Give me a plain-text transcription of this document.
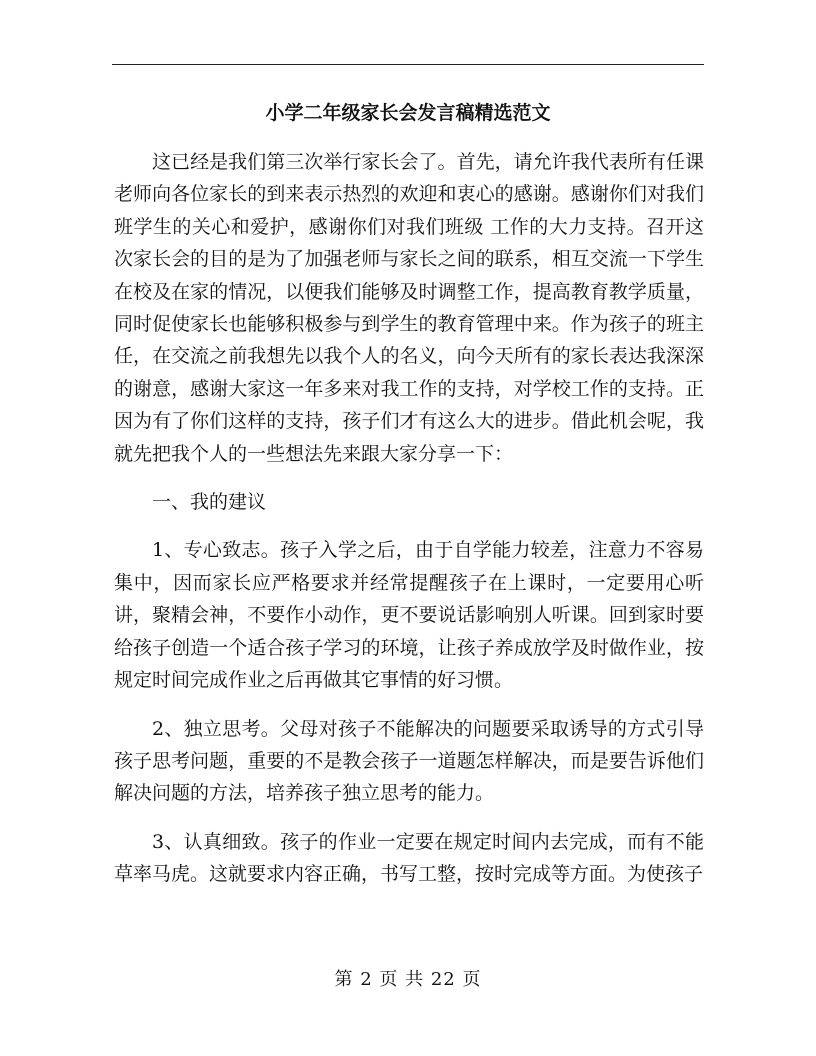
小学二年级家长会发言稿精选范文

这已经是我们第三次举行家长会了。首先，请允许我代表所有任课老师向各位家长的到来表示热烈的欢迎和衷心的感谢。感谢你们对我们班学生的关心和爱护，感谢你们对我们班级 工作的大力支持。召开这次家长会的目的是为了加强老师与家长之间的联系，相互交流一下学生在校及在家的情况，以便我们能够及时调整工作，提高教育教学质量，同时促使家长也能够积极参与到学生的教育管理中来。作为孩子的班主任，在交流之前我想先以我个人的名义，向今天所有的家长表达我深深的谢意，感谢大家这一年多来对我工作的支持，对学校工作的支持。正因为有了你们这样的支持，孩子们才有这么大的进步。借此机会呢，我就先把我个人的一些想法先来跟大家分享一下：

一、我的建议

1、专心致志。孩子入学之后，由于自学能力较差，注意力不容易集中，因而家长应严格要求并经常提醒孩子在上课时，一定要用心听讲，聚精会神，不要作小动作，更不要说话影响别人听课。回到家时要给孩子创造一个适合孩子学习的环境，让孩子养成放学及时做作业，按规定时间完成作业之后再做其它事情的好习惯。

2、独立思考。父母对孩子不能解决的问题要采取诱导的方式引导孩子思考问题，重要的不是教会孩子一道题怎样解决，而是要告诉他们解决问题的方法，培养孩子独立思考的能力。

3、认真细致。孩子的作业一定要在规定时间内去完成，而有不能草率马虎。这就要求内容正确，书写工整，按时完成等方面。为使孩子

第 2 页 共 22 页
